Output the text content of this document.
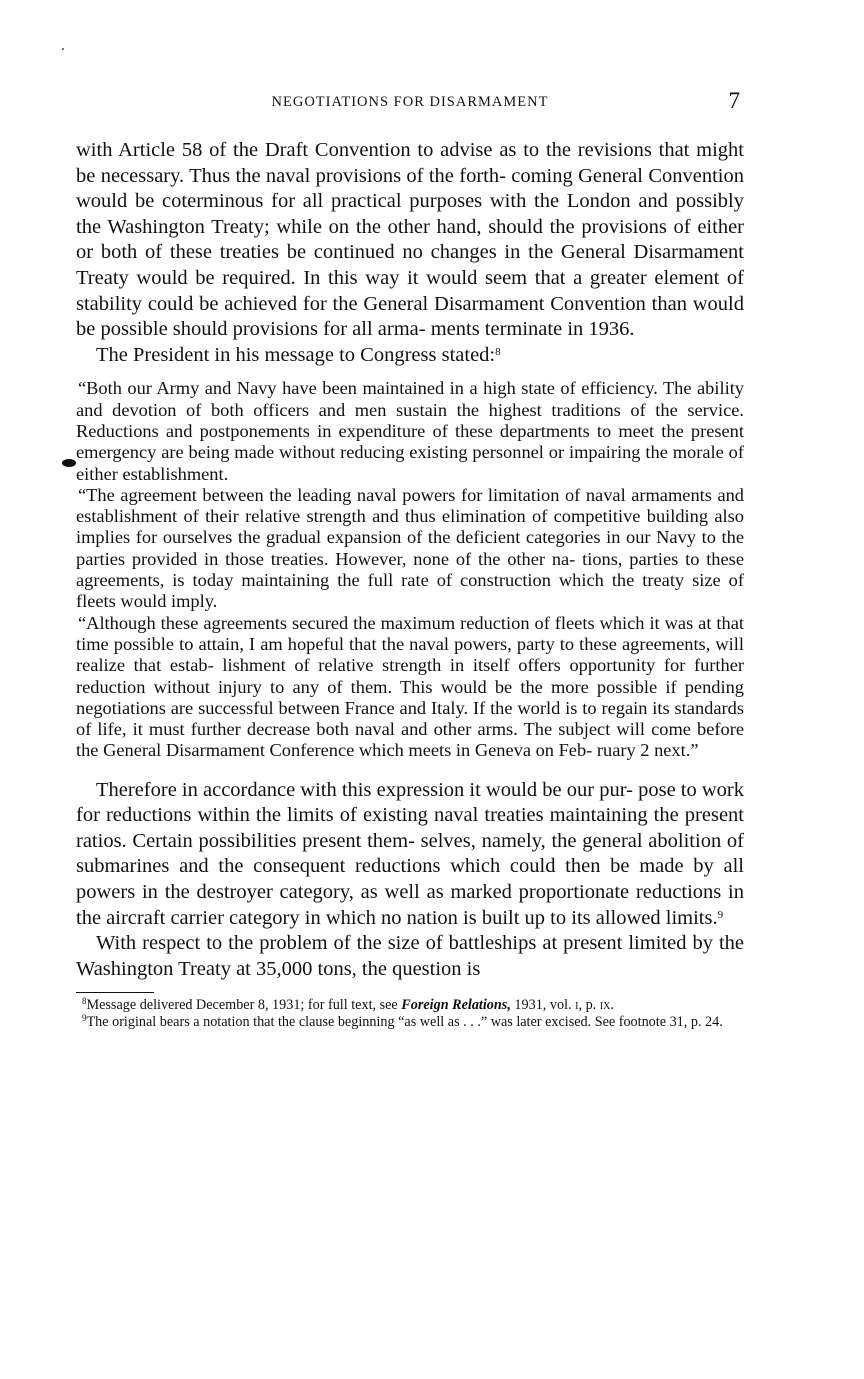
NEGOTIATIONS FOR DISARMAMENT	7

with Article 58 of the Draft Convention to advise as to the revisions that might be necessary. Thus the naval provisions of the forth- coming General Convention would be coterminous for all practical purposes with the London and possibly the Washington Treaty; while on the other hand, should the provisions of either or both of these treaties be continued no changes in the General Disarmament Treaty would be required. In this way it would seem that a greater element of stability could be achieved for the General Disarmament Convention than would be possible should provisions for all arma- ments terminate in 1936.

The President in his message to Congress stated:$^8$

“Both our Army and Navy have been maintained in a high state of efficiency. The ability and devotion of both officers and men sustain the highest traditions of the service. Reductions and postponements in expenditure of these departments to meet the present emergency are being made without reducing existing personnel or impairing the morale of either establishment.

“The agreement between the leading naval powers for limitation of naval armaments and establishment of their relative strength and thus elimination of competitive building also implies for ourselves the gradual expansion of the deficient categories in our Navy to the parties provided in those treaties. However, none of the other na- tions, parties to these agreements, is today maintaining the full rate of construction which the treaty size of fleets would imply.

“Although these agreements secured the maximum reduction of fleets which it was at that time possible to attain, I am hopeful that the naval powers, party to these agreements, will realize that estab- lishment of relative strength in itself offers opportunity for further reduction without injury to any of them. This would be the more possible if pending negotiations are successful between France and Italy. If the world is to regain its standards of life, it must further decrease both naval and other arms. The subject will come before the General Disarmament Conference which meets in Geneva on Feb- ruary 2 next.”

Therefore in accordance with this expression it would be our pur- pose to work for reductions within the limits of existing naval treaties maintaining the present ratios. Certain possibilities present them- selves, namely, the general abolition of submarines and the consequent reductions which could then be made by all powers in the destroyer category, as well as marked proportionate reductions in the aircraft carrier category in which no nation is built up to its allowed limits.$^9$

With respect to the problem of the size of battleships at present limited by the Washington Treaty at 35,000 tons, the question is

$^8$Message delivered December 8, 1931; for full text, see Foreign Relations, 1931, vol. i, p. ix.

$^9$The original bears a notation that the clause beginning “as well as . . .” was later excised. See footnote 31, p. 24.
